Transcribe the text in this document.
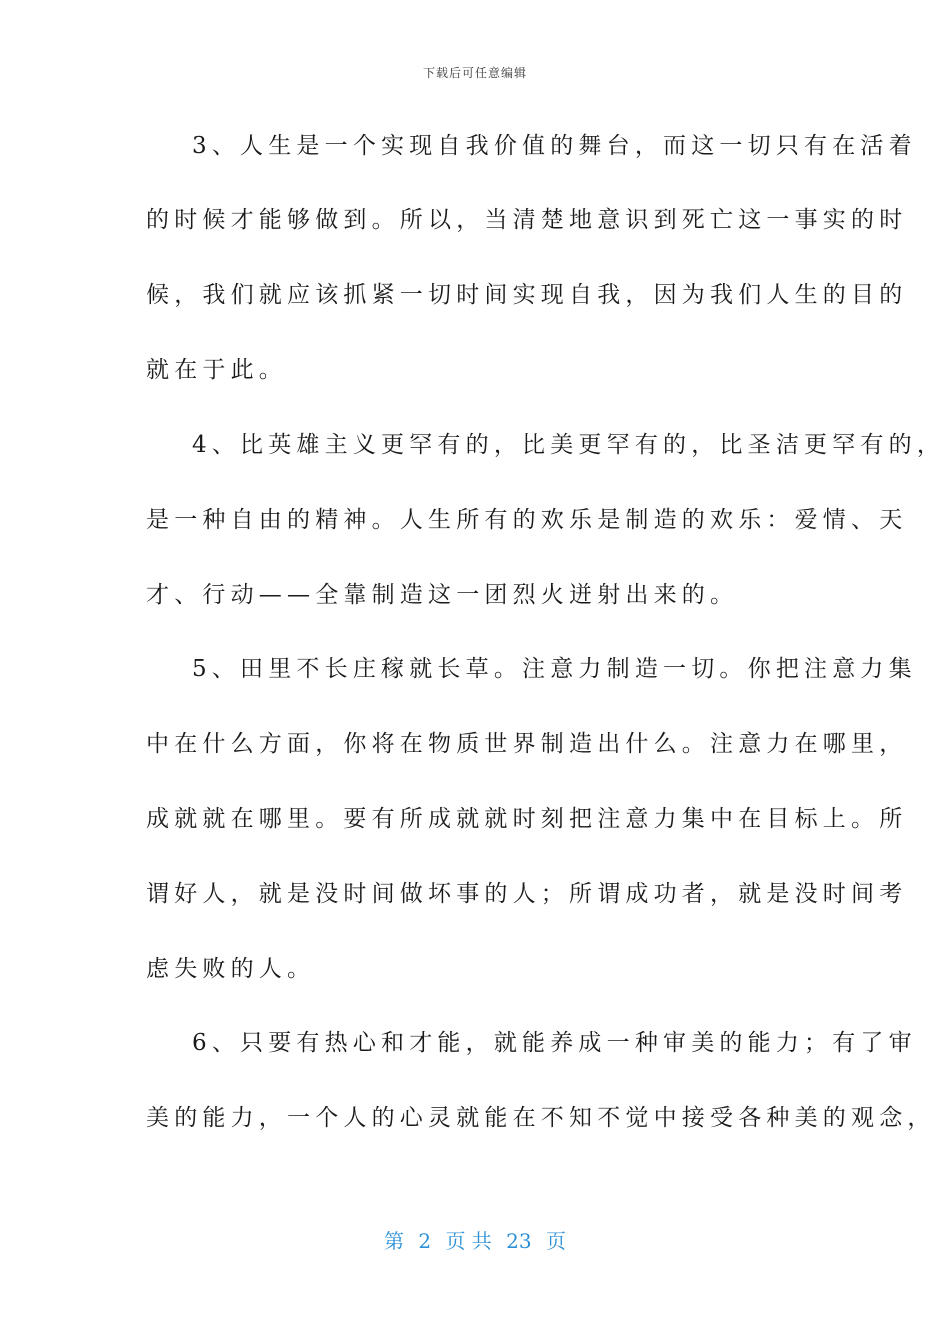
下载后可任意编辑
3、人生是一个实现自我价值的舞台，而这一切只有在活着
的时候才能够做到。所以，当清楚地意识到死亡这一事实的时
候，我们就应该抓紧一切时间实现自我，因为我们人生的目的
就在于此。
4、比英雄主义更罕有的，比美更罕有的，比圣洁更罕有的，
是一种自由的精神。人生所有的欢乐是制造的欢乐：爱情、天
才、行动——全靠制造这一团烈火迸射出来的。
5、田里不长庄稼就长草。注意力制造一切。你把注意力集
中在什么方面，你将在物质世界制造出什么。注意力在哪里，
成就就在哪里。要有所成就就时刻把注意力集中在目标上。所
谓好人，就是没时间做坏事的人；所谓成功者，就是没时间考
虑失败的人。
6、只要有热心和才能，就能养成一种审美的能力；有了审
美的能力，一个人的心灵就能在不知不觉中接受各种美的观念，
第 2 页 共 23 页
